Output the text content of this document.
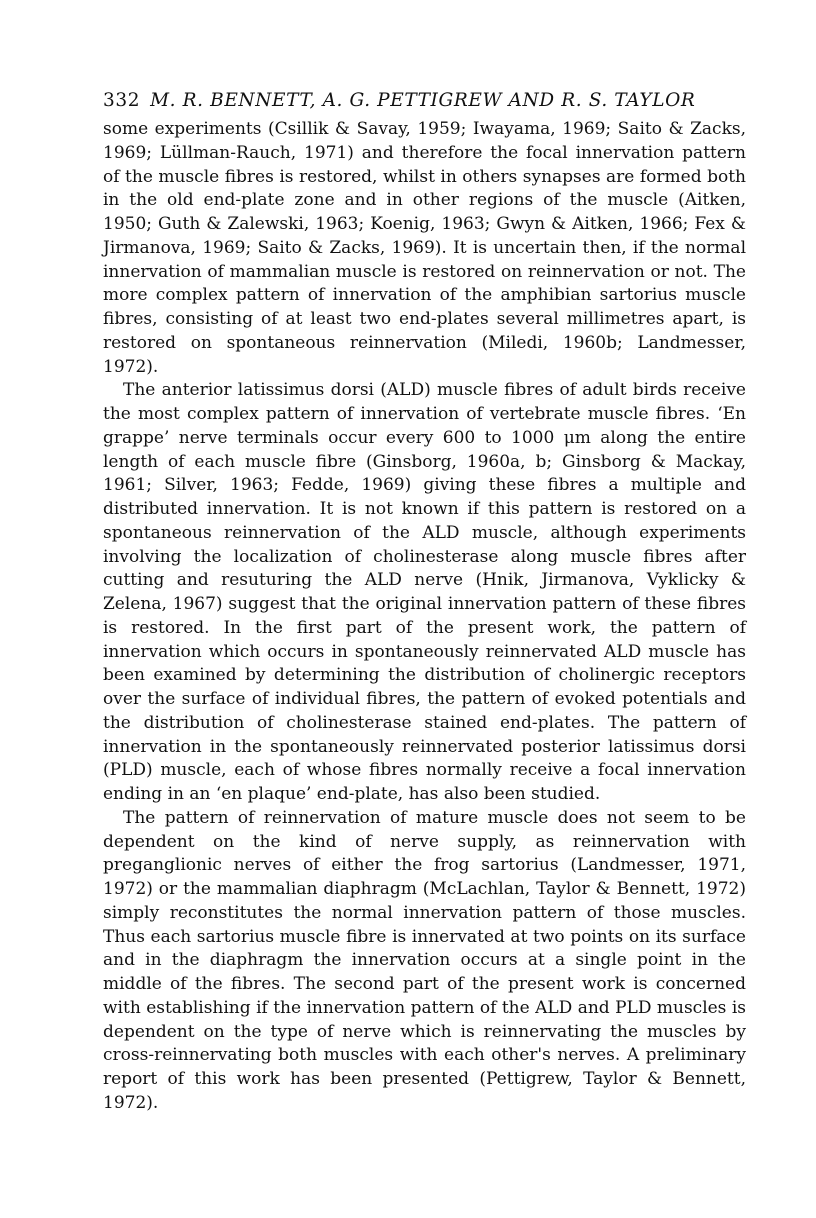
332 M. R. BENNETT, A. G. PETTIGREW AND R. S. TAYLOR

some experiments (Csillik & Savay, 1959; Iwayama, 1969; Saito & Zacks, 1969; Lüllman-Rauch, 1971) and therefore the focal innervation pattern of the muscle fibres is restored, whilst in others synapses are formed both in the old end-plate zone and in other regions of the muscle (Aitken, 1950; Guth & Zalewski, 1963; Koenig, 1963; Gwyn & Aitken, 1966; Fex & Jirmanova, 1969; Saito & Zacks, 1969). It is uncertain then, if the normal innervation of mammalian muscle is restored on reinnervation or not. The more complex pattern of innervation of the amphibian sartorius muscle fibres, consisting of at least two end-plates several millimetres apart, is restored on spontaneous reinnervation (Miledi, 1960b; Landmesser, 1972).

The anterior latissimus dorsi (ALD) muscle fibres of adult birds receive the most complex pattern of innervation of vertebrate muscle fibres. ‘En grappe’ nerve terminals occur every 600 to 1000 μm along the entire length of each muscle fibre (Ginsborg, 1960a, b; Ginsborg & Mackay, 1961; Silver, 1963; Fedde, 1969) giving these fibres a multiple and distributed innervation. It is not known if this pattern is restored on a spontaneous reinnervation of the ALD muscle, although experiments involving the localization of cholinesterase along muscle fibres after cutting and resuturing the ALD nerve (Hnik, Jirmanova, Vyklicky & Zelena, 1967) suggest that the original innervation pattern of these fibres is restored. In the first part of the present work, the pattern of innervation which occurs in spontaneously reinnervated ALD muscle has been examined by determining the distribution of cholinergic receptors over the surface of individual fibres, the pattern of evoked potentials and the distribution of cholinesterase stained end-plates. The pattern of innervation in the spontaneously reinnervated posterior latissimus dorsi (PLD) muscle, each of whose fibres normally receive a focal innervation ending in an ‘en plaque’ end-plate, has also been studied.

The pattern of reinnervation of mature muscle does not seem to be dependent on the kind of nerve supply, as reinnervation with preganglionic nerves of either the frog sartorius (Landmesser, 1971, 1972) or the mammalian diaphragm (McLachlan, Taylor & Bennett, 1972) simply reconstitutes the normal innervation pattern of those muscles. Thus each sartorius muscle fibre is innervated at two points on its surface and in the diaphragm the innervation occurs at a single point in the middle of the fibres. The second part of the present work is concerned with establishing if the innervation pattern of the ALD and PLD muscles is dependent on the type of nerve which is reinnervating the muscles by cross-reinnervating both muscles with each other's nerves. A preliminary report of this work has been presented (Pettigrew, Taylor & Bennett, 1972).
